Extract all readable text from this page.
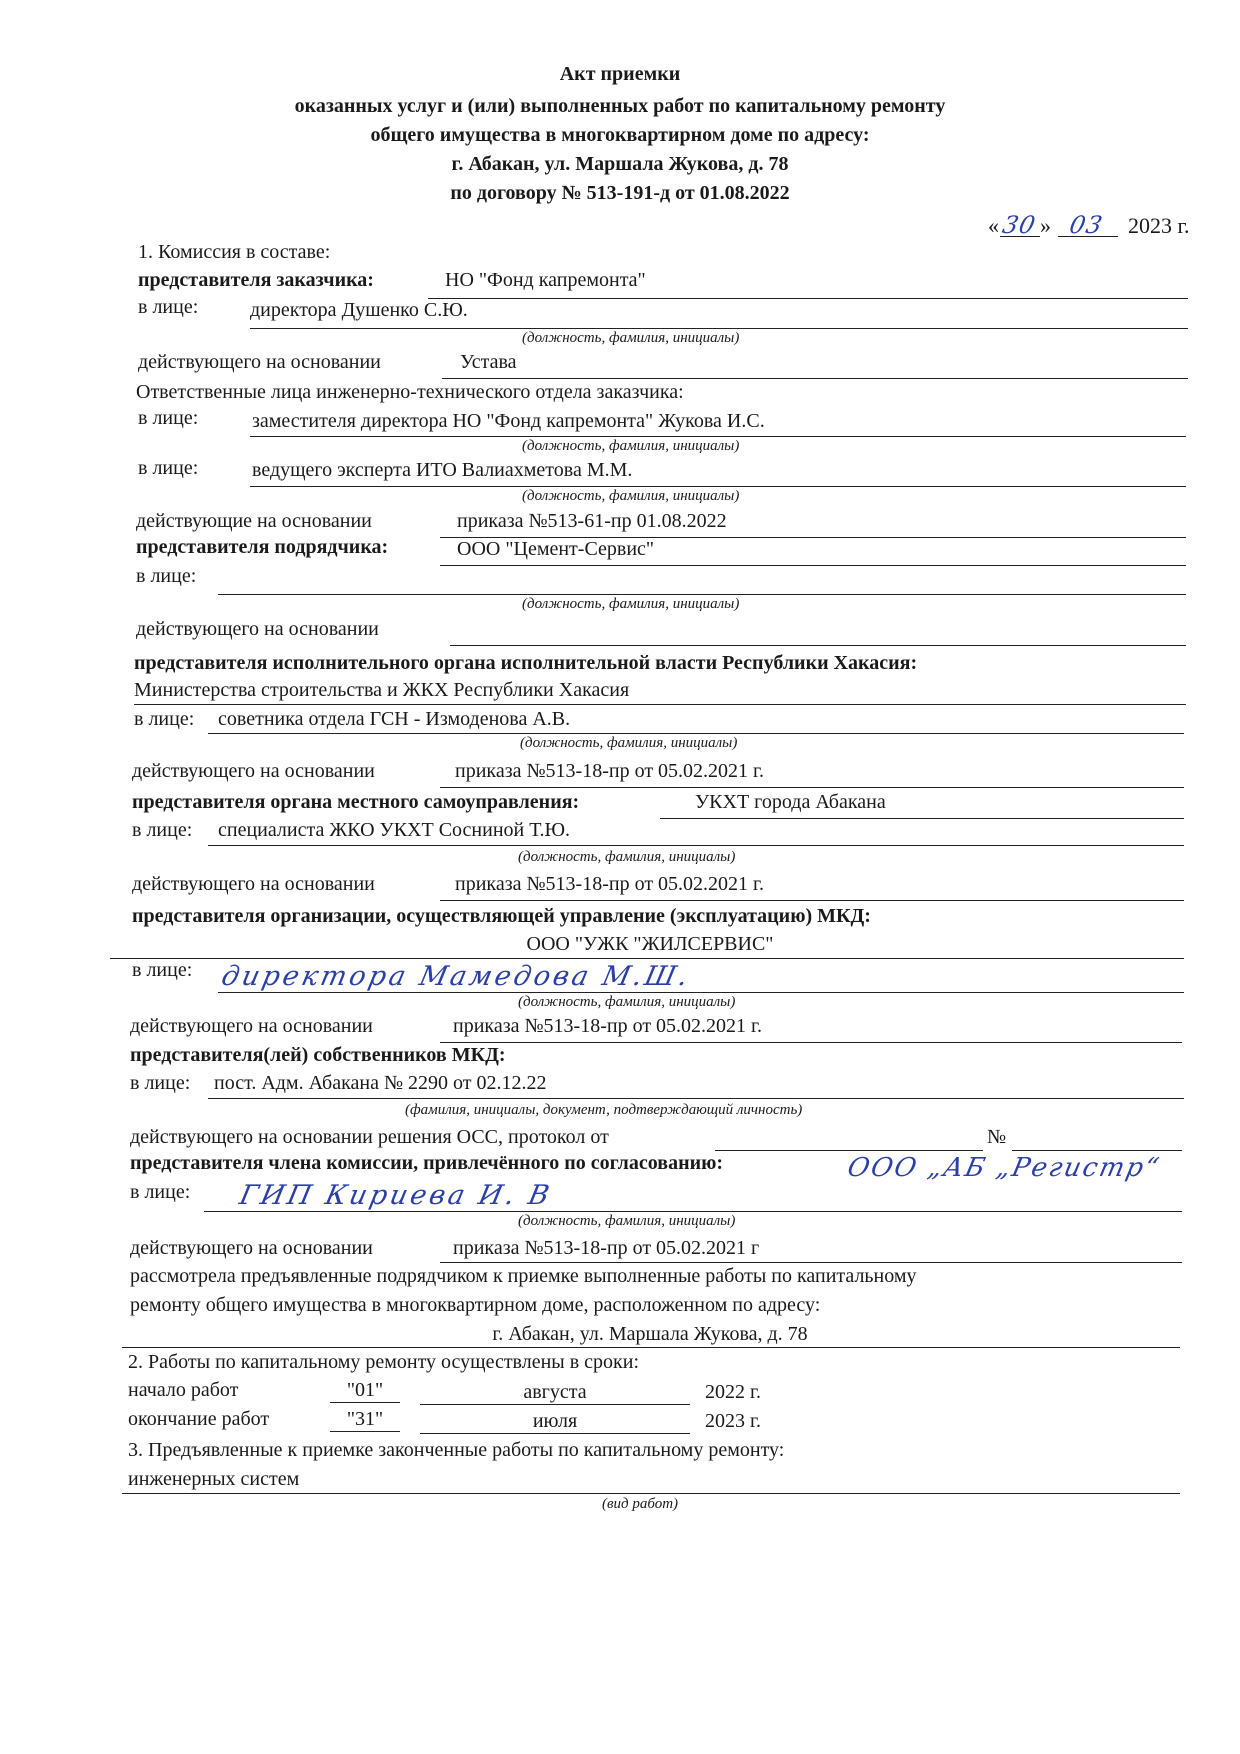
Акт приемки
оказанных услуг и (или) выполненных работ по капитальному ремонту
общего имущества в многоквартирном доме по адресу:
г. Абакан, ул. Маршала Жукова, д. 78
по договору № 513-191-д от 01.08.2022
« 30 » 03 2023 г.
1. Комиссия в составе:
представителя заказчика:	НО "Фонд капремонта"
в лице:	директора Душенко С.Ю.
(должность, фамилия, инициалы)
действующего на основании	Устава
Ответственные лица инженерно-технического отдела заказчика:
в лице:	заместителя директора НО "Фонд капремонта" Жукова И.С.
(должность, фамилия, инициалы)
в лице:	ведущего эксперта ИТО Валиахметова М.М.
(должность, фамилия, инициалы)
действующие на основании	приказа №513-61-пр 01.08.2022
представителя подрядчика:	ООО "Цемент-Сервис"
в лице:
(должность, фамилия, инициалы)
действующего на основании
представителя исполнительного органа исполнительной власти Республики Хакасия:
Министерства строительства и ЖКХ Республики Хакасия
в лице: советника отдела ГСН - Измоденова А.В.
(должность, фамилия, инициалы)
действующего на основании	приказа №513-18-пр от 05.02.2021 г.
представителя органа местного самоуправления:	УКХТ города Абакана
в лице: специалиста ЖКО УКХТ Сосниной Т.Ю.
(должность, фамилия, инициалы)
действующего на основании	приказа №513-18-пр от 05.02.2021 г.
представителя организации, осуществляющей управление (эксплуатацию) МКД:
ООО "УЖК "ЖИЛСЕРВИС"
в лице: директора Мамедова М.Ш.
(должность, фамилия, инициалы)
действующего на основании	приказа №513-18-пр от 05.02.2021 г.
представителя(лей) собственников МКД:
в лице: пост. Адм. Абакана № 2290 от 02.12.22
(фамилия, инициалы, документ, подтверждающий личность)
действующего на основании решения ОСС, протокол от	№
представителя члена комиссии, привлечённого по согласованию:	ООО „АБ „Регистр“
в лице: ГИП Кириева И. В
(должность, фамилия, инициалы)
действующего на основании	приказа №513-18-пр от 05.02.2021 г
рассмотрела предъявленные подрядчиком к приемке выполненные работы по капитальному
ремонту общего имущества в многоквартирном доме, расположенном по адресу:
г. Абакан, ул. Маршала Жукова, д. 78
2. Работы по капитальному ремонту осуществлены в сроки:
начало работ	"01"	августа	2022 г.
окончание работ	"31"	июля	2023 г.
3. Предъявленные к приемке законченные работы по капитальному ремонту:
инженерных систем
(вид работ)
